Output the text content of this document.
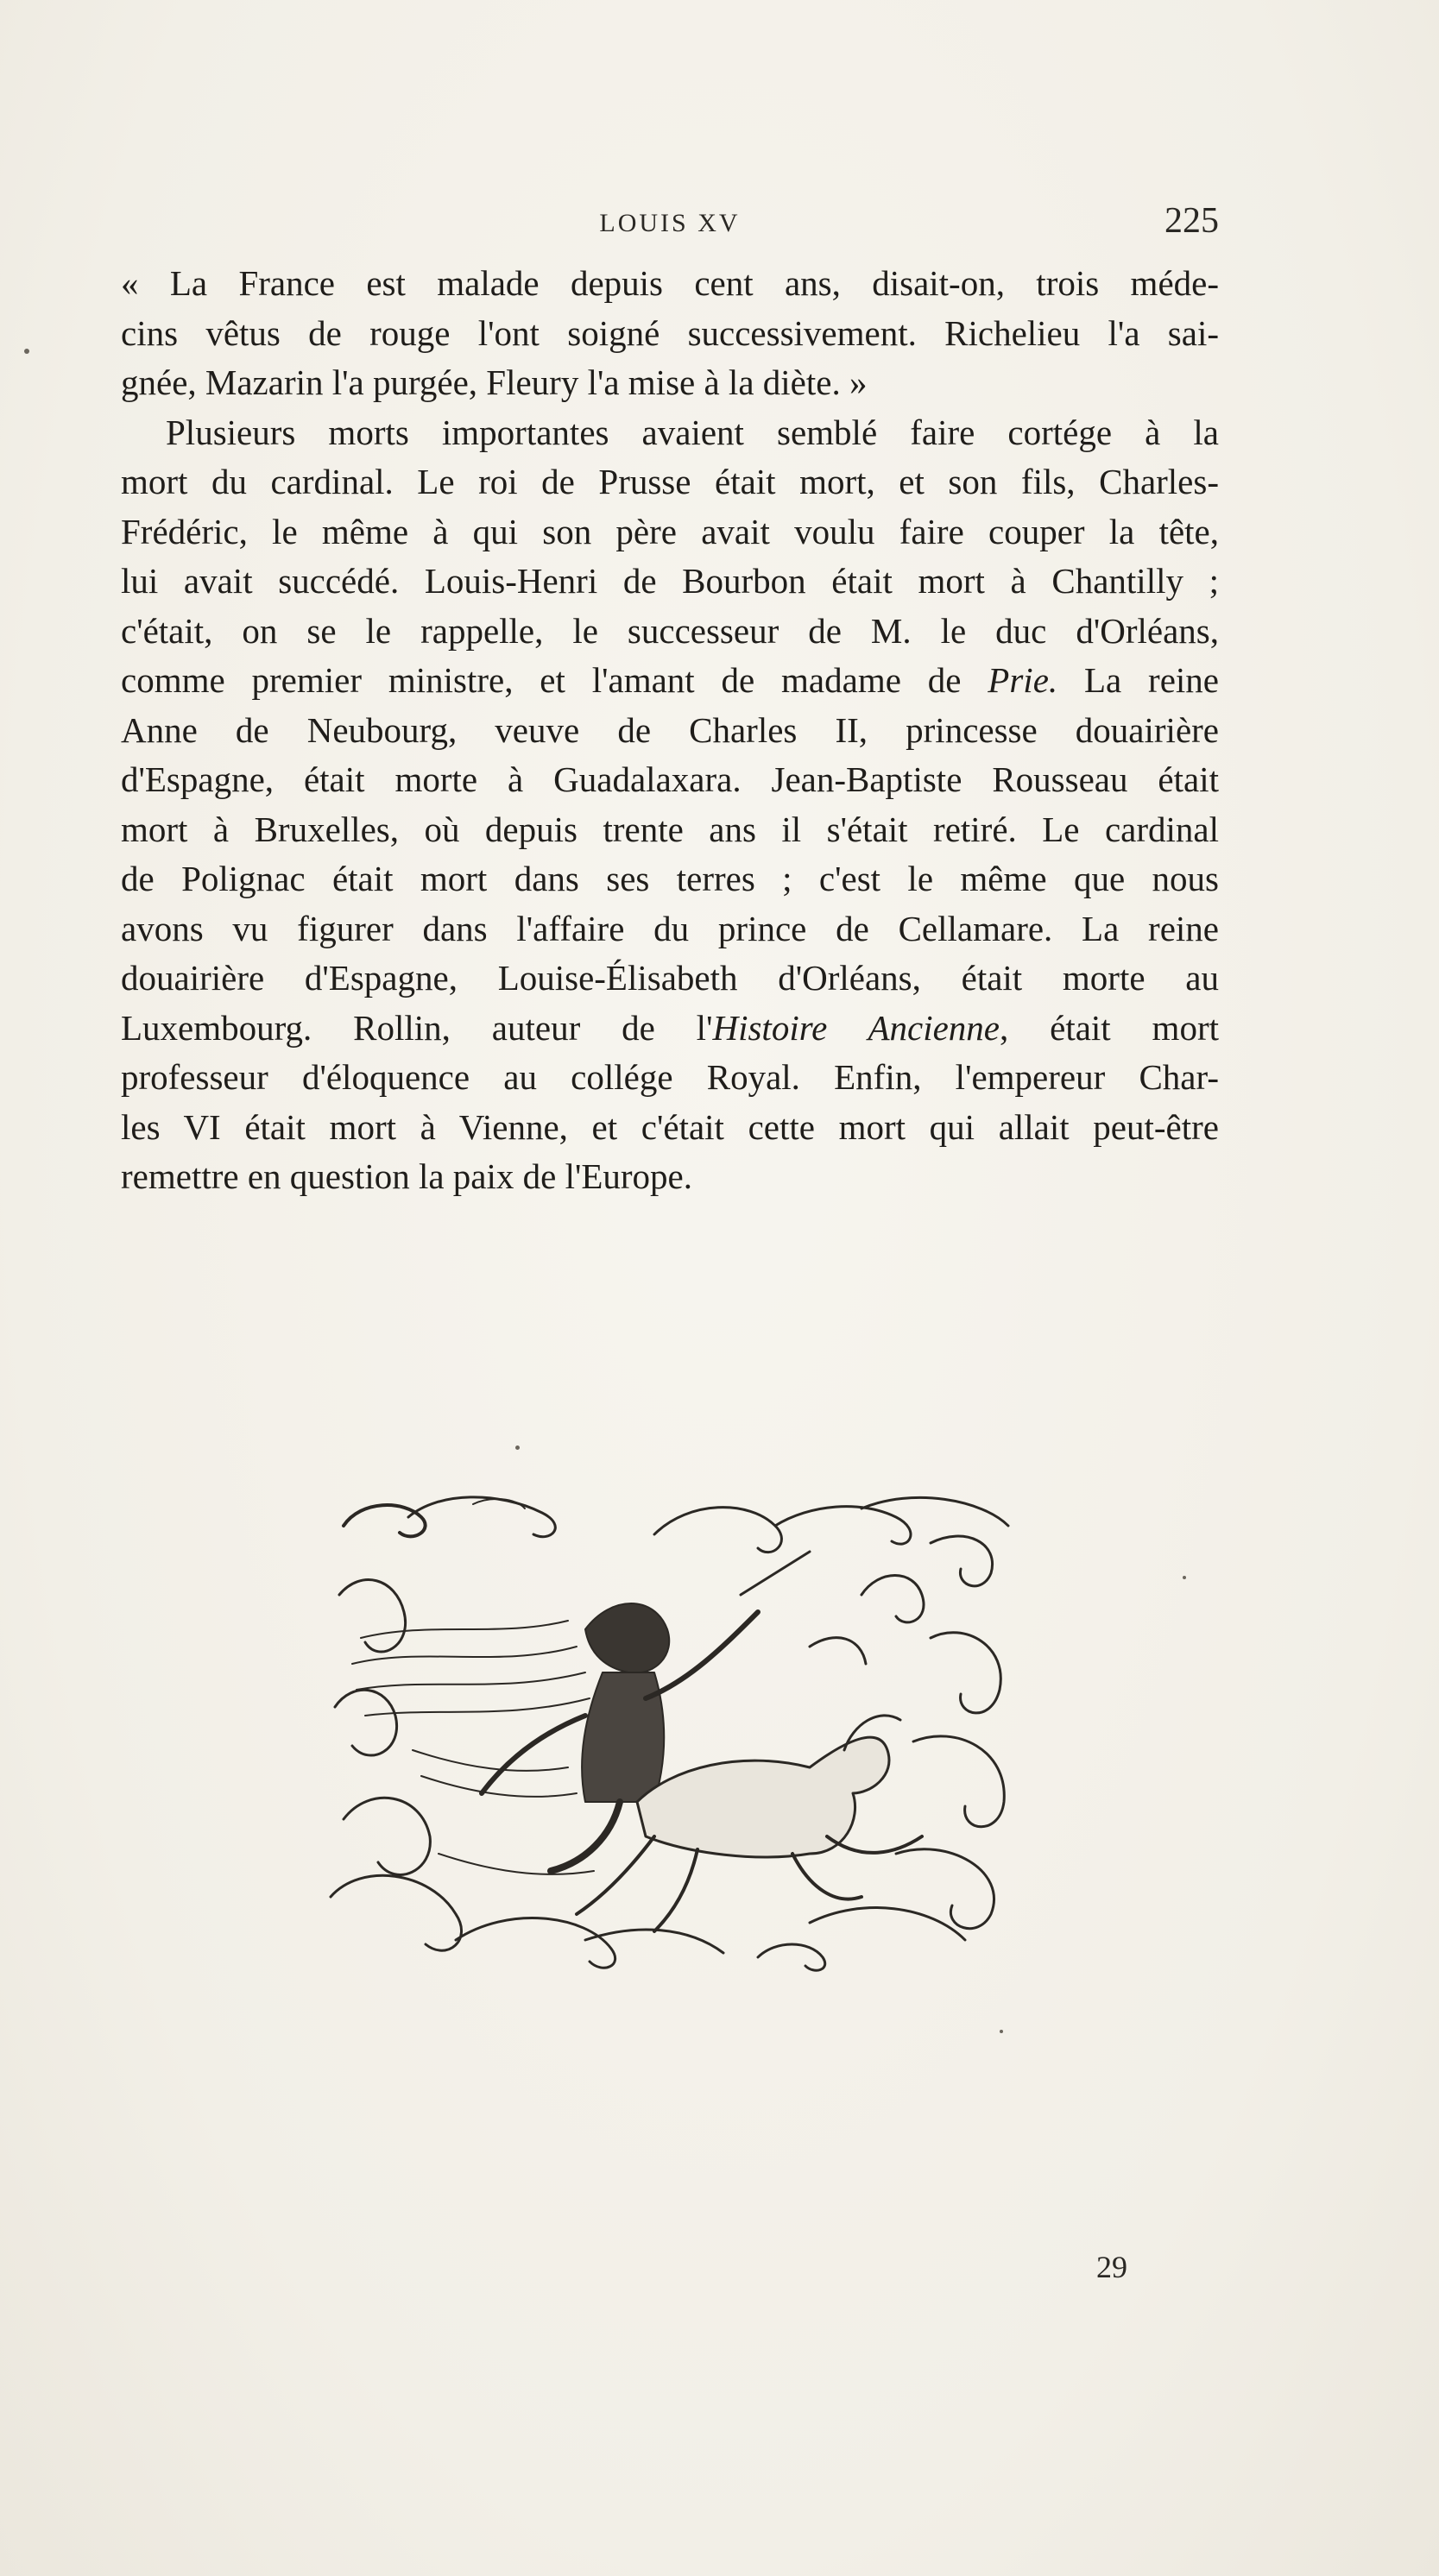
LOUIS XV	225
« La France est malade depuis cent ans, disait-on, trois méde-
cins vêtus de rouge l'ont soigné successivement. Richelieu l'a sai-
gnée, Mazarin l'a purgée, Fleury l'a mise à la diète. »
Plusieurs morts importantes avaient semblé faire cortége à la
mort du cardinal. Le roi de Prusse était mort, et son fils, Charles-
Frédéric, le même à qui son père avait voulu faire couper la tête,
lui avait succédé. Louis-Henri de Bourbon était mort à Chantilly ;
c'était, on se le rappelle, le successeur de M. le duc d'Orléans,
comme premier ministre, et l'amant de madame de Prie. La reine
Anne de Neubourg, veuve de Charles II, princesse douairière
d'Espagne, était morte à Guadalaxara. Jean-Baptiste Rousseau était
mort à Bruxelles, où depuis trente ans il s'était retiré. Le cardinal
de Polignac était mort dans ses terres ; c'est le même que nous
avons vu figurer dans l'affaire du prince de Cellamare. La reine
douairière d'Espagne, Louise-Élisabeth d'Orléans, était morte au
Luxembourg. Rollin, auteur de l'Histoire Ancienne, était mort
professeur d'éloquence au collége Royal. Enfin, l'empereur Char-
les VI était mort à Vienne, et c'était cette mort qui allait peut-être
remettre en question la paix de l'Europe.
29
